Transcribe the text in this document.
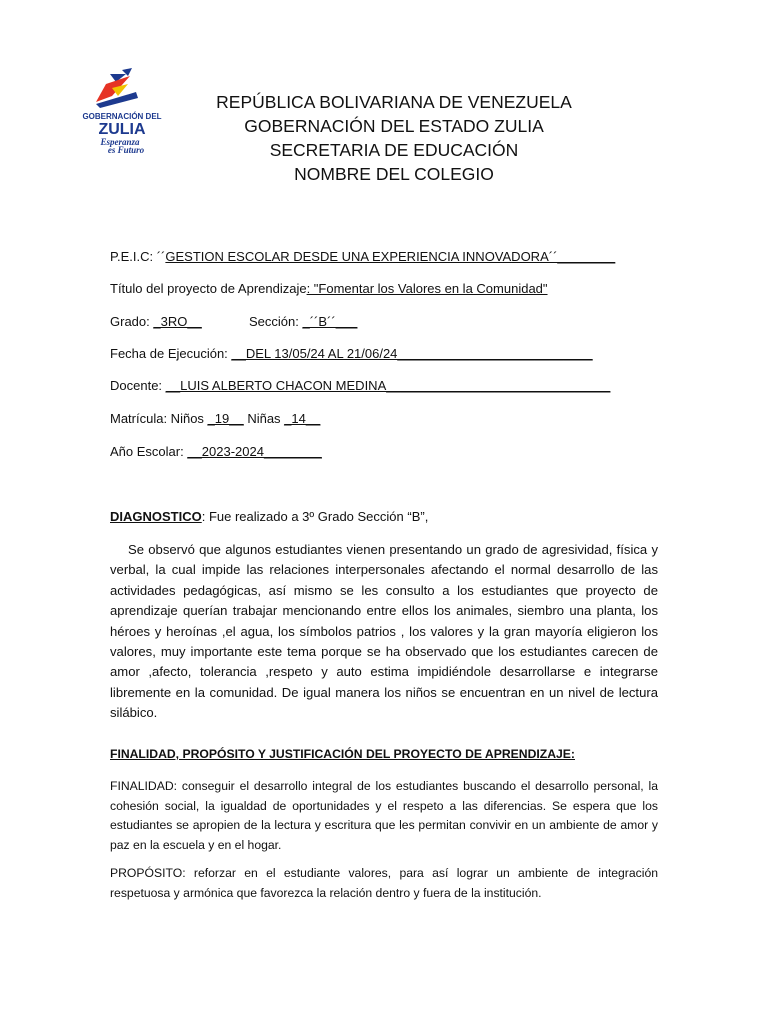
GOBERNACIÓN DEL
ZULIA
Esperanza
es Futuro
REPÚBLICA BOLIVARIANA DE VENEZUELA
GOBERNACIÓN DEL ESTADO ZULIA
SECRETARIA DE EDUCACIÓN
NOMBRE DEL COLEGIO
P.E.I.C: ´´GESTION ESCOLAR DESDE UNA EXPERIENCIA INNOVADORA´´________
Título del proyecto de Aprendizaje: "Fomentar los Valores en la Comunidad"
Grado: _3RO__	Sección: _´´B´´___
Fecha de Ejecución: __DEL 13/05/24 AL 21/06/24___________________________
Docente: __LUIS ALBERTO CHACON MEDINA_______________________________
Matrícula: Niños _19__ Niñas _14__
Año Escolar: __2023-2024________
DIAGNOSTICO: Fue realizado a 3º Grado Sección “B”,
Se observó que algunos estudiantes vienen presentando un grado de agresividad, física y verbal, la cual impide las relaciones interpersonales afectando el normal desarrollo de las actividades pedagógicas, así mismo se les consulto a los estudiantes que proyecto de aprendizaje querían trabajar mencionando entre ellos los animales, siembro una planta, los héroes y heroínas ,el agua, los símbolos patrios , los valores y la gran mayoría eligieron los valores, muy importante este tema porque se ha observado que los estudiantes carecen de amor ,afecto, tolerancia ,respeto y auto estima impidiéndole desarrollarse e integrarse libremente en la comunidad. De igual manera los niños se encuentran en un nivel de lectura silábico.
FINALIDAD, PROPÓSITO Y JUSTIFICACIÓN DEL PROYECTO DE APRENDIZAJE:
FINALIDAD: conseguir el desarrollo integral de los estudiantes buscando el desarrollo personal, la cohesión social, la igualdad de oportunidades y el respeto a las diferencias. Se espera que los estudiantes se apropien de la lectura y escritura que les permitan convivir en un ambiente de amor y paz en la escuela y en el hogar.
PROPÓSITO: reforzar en el estudiante valores, para así lograr un ambiente de integración respetuosa y armónica que favorezca la relación dentro y fuera de la institución.
